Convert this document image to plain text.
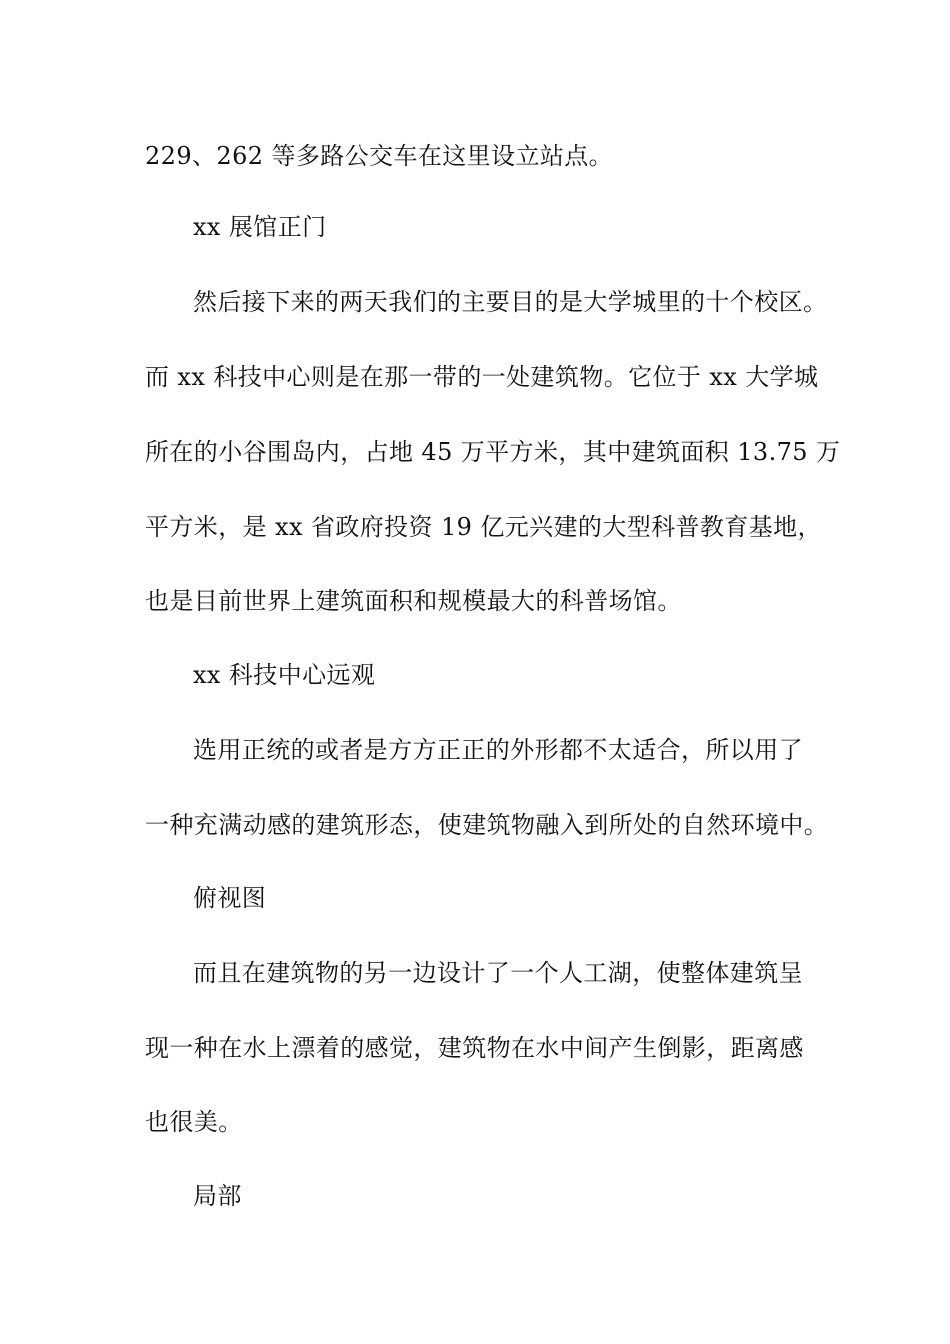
229、262 等多路公交车在这里设立站点。
xx 展馆正门
然后接下来的两天我们的主要目的是大学城里的十个校区。
而 xx 科技中心则是在那一带的一处建筑物。它位于 xx 大学城
所在的小谷围岛内，占地 45 万平方米，其中建筑面积 13.75 万
平方米，是 xx 省政府投资 19 亿元兴建的大型科普教育基地，
也是目前世界上建筑面积和规模最大的科普场馆。
xx 科技中心远观
选用正统的或者是方方正正的外形都不太适合，所以用了
一种充满动感的建筑形态，使建筑物融入到所处的自然环境中。
俯视图
而且在建筑物的另一边设计了一个人工湖，使整体建筑呈
现一种在水上漂着的感觉，建筑物在水中间产生倒影，距离感
也很美。
局部
